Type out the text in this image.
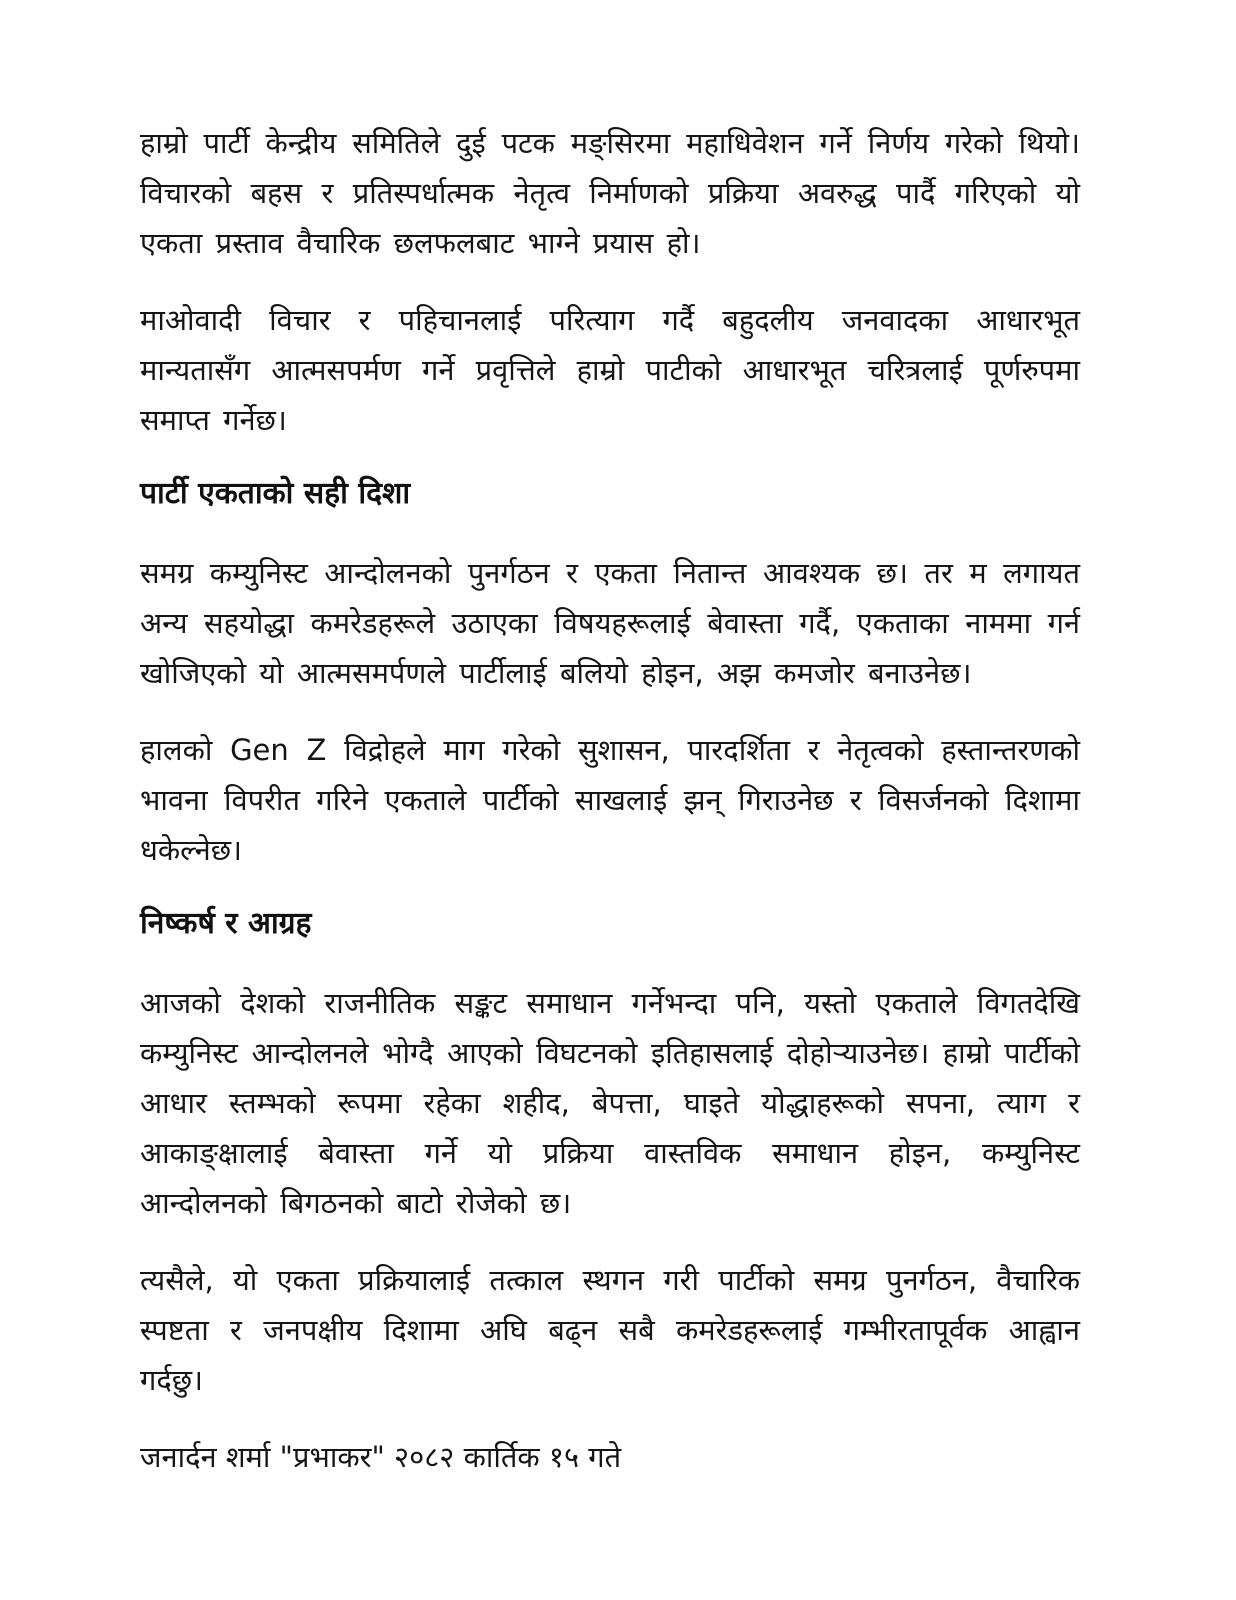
हाम्रो पार्टी केन्द्रीय समितिले दुई पटक मङ्सिरमा महाधिवेशन गर्ने निर्णय गरेको थियो। विचारको बहस र प्रतिस्पर्धात्मक नेतृत्व निर्माणको प्रक्रिया अवरुद्ध पार्दै गरिएको यो एकता प्रस्ताव वैचारिक छलफलबाट भाग्ने प्रयास हो।

माओवादी विचार र पहिचानलाई परित्याग गर्दै बहुदलीय जनवादका आधारभूत मान्यतासँग आत्मसपर्मण गर्ने प्रवृत्तिले हाम्रो पाटीको आधारभूत चरित्रलाई पूर्णरुपमा समाप्त गर्नेछ।

पार्टी एकताको सही दिशा

समग्र कम्युनिस्ट आन्दोलनको पुनर्गठन र एकता नितान्त आवश्यक छ। तर म लगायत अन्य सहयोद्धा कमरेडहरूले उठाएका विषयहरूलाई बेवास्ता गर्दै, एकताका नाममा गर्न खोजिएको यो आत्मसमर्पणले पार्टीलाई बलियो होइन, अझ कमजोर बनाउनेछ।

हालको Gen Z विद्रोहले माग गरेको सुशासन, पारदर्शिता र नेतृत्वको हस्तान्तरणको भावना विपरीत गरिने एकताले पार्टीको साखलाई झन् गिराउनेछ र विसर्जनको दिशामा धकेल्नेछ।

निष्कर्ष र आग्रह

आजको देशको राजनीतिक सङ्कट समाधान गर्नेभन्दा पनि, यस्तो एकताले विगतदेखि कम्युनिस्ट आन्दोलनले भोग्दै आएको विघटनको इतिहासलाई दोहोऱ्याउनेछ। हाम्रो पार्टीको आधार स्तम्भको रूपमा रहेका शहीद, बेपत्ता, घाइते योद्धाहरूको सपना, त्याग र आकाङ्क्षालाई बेवास्ता गर्ने यो प्रक्रिया वास्तविक समाधान होइन, कम्युनिस्ट आन्दोलनको बिगठनको बाटो रोजेको छ।

त्यसैले, यो एकता प्रक्रियालाई तत्काल स्थगन गरी पार्टीको समग्र पुनर्गठन, वैचारिक स्पष्टता र जनपक्षीय दिशामा अघि बढ्न सबै कमरेडहरूलाई गम्भीरतापूर्वक आह्वान गर्दछु।

जनार्दन शर्मा "प्रभाकर" २०८२ कार्तिक १५ गते
